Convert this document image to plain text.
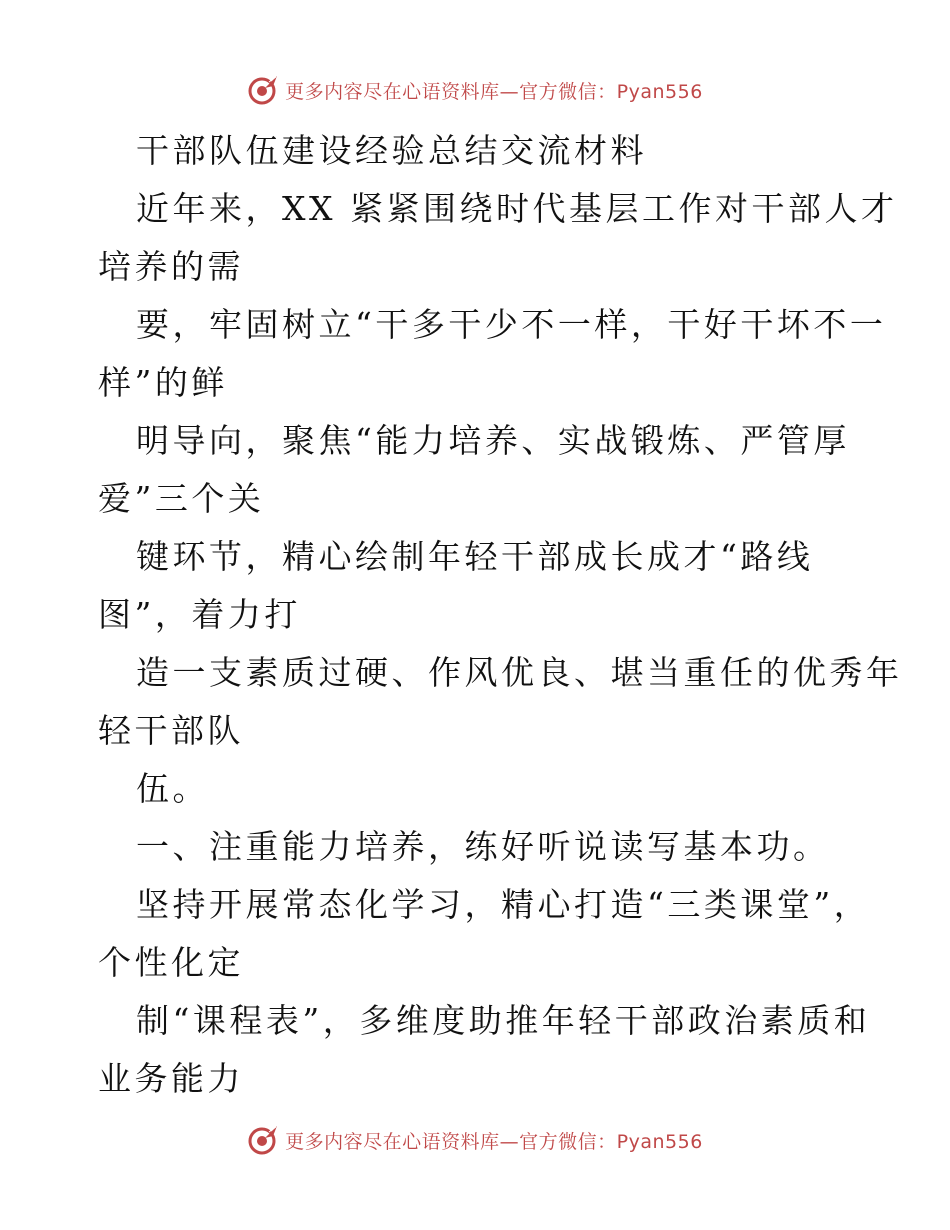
更多内容尽在心语资料库—官方微信：Pyan556
干部队伍建设经验总结交流材料
近年来，XX 紧紧围绕时代基层工作对干部人才
培养的需
要，牢固树立“干多干少不一样，干好干坏不一
样”的鲜
明导向，聚焦“能力培养、实战锻炼、严管厚
爱”三个关
键环节，精心绘制年轻干部成长成才“路线
图”，着力打
造一支素质过硬、作风优良、堪当重任的优秀年
轻干部队
伍。
一、注重能力培养，练好听说读写基本功。
坚持开展常态化学习，精心打造“三类课堂”，
个性化定
制“课程表”，多维度助推年轻干部政治素质和
业务能力
更多内容尽在心语资料库—官方微信：Pyan556
